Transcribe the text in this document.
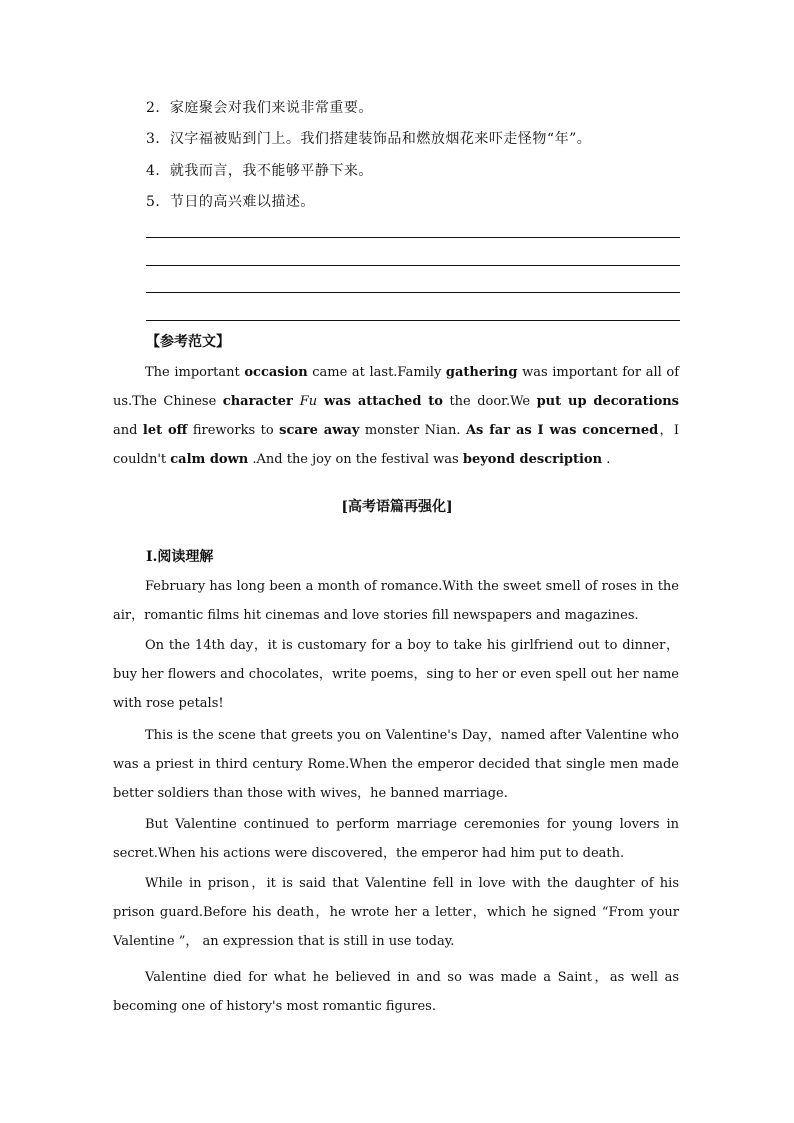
2．家庭聚会对我们来说非常重要。
3．汉字福被贴到门上。我们搭建装饰品和燃放烟花来吓走怪物“年”。
4．就我而言，我不能够平静下来。
5．节日的高兴难以描述。
【参考范文】
The important occasion came at last.Family gathering was important for all of us.The Chinese character Fu was attached to the door.We put up decorations and let off fireworks to scare away monster Nian. As far as I was concerned，I couldn't calm down .And the joy on the festival was beyond description .
[高考语篇再强化]
Ⅰ.阅读理解
February has long been a month of romance.With the sweet smell of roses in the air，romantic films hit cinemas and love stories fill newspapers and magazines.
On the 14th day，it is customary for a boy to take his girlfriend out to dinner，buy her flowers and chocolates，write poems，sing to her or even spell out her name with rose petals!
This is the scene that greets you on Valentine's Day，named after Valentine who was a priest in third century Rome.When the emperor decided that single men made better soldiers than those with wives，he banned marriage.
But Valentine continued to perform marriage ceremonies for young lovers in secret.When his actions were discovered，the emperor had him put to death.
While in prison，it is said that Valentine fell in love with the daughter of his prison guard.Before his death，he wrote her a letter，which he signed “From your Valentine ”， an expression that is still in use today.
Valentine died for what he believed in and so was made a Saint，as well as becoming one of history's most romantic figures.
